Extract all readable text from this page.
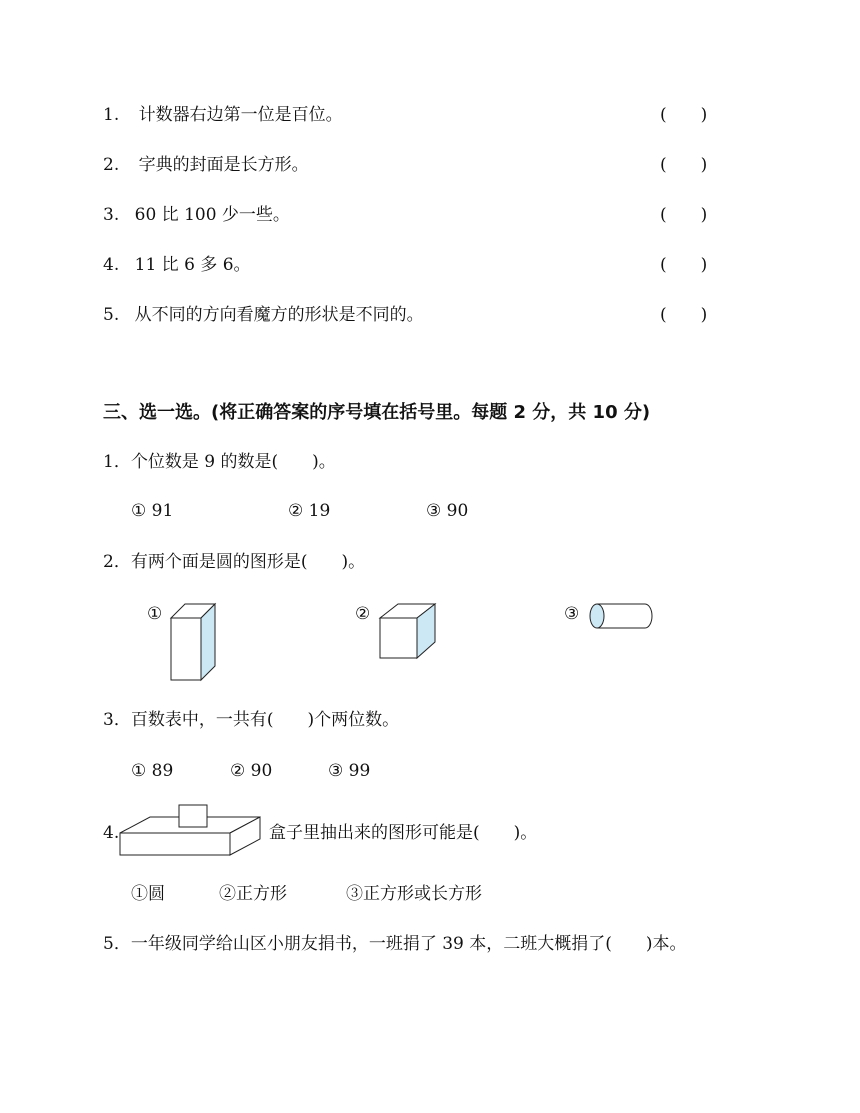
1. 计数器右边第一位是百位。	(　　)
2. 字典的封面是长方形。	(　　)
3. 60 比 100 少一些。	(　　)
4. 11 比 6 多 6。	(　　)
5. 从不同的方向看魔方的形状是不同的。	(　　)
三、选一选。(将正确答案的序号填在括号里。每题 2 分，共 10 分)
1．个位数是 9 的数是(　　)。
① 91	② 19	③ 90
2．有两个面是圆的图形是(　　)。
①	②	③
3．百数表中，一共有(　　)个两位数。
① 89	② 90	③ 99
4.	盒子里抽出来的图形可能是(　　)。
①圆	②正方形	③正方形或长方形
5．一年级同学给山区小朋友捐书，一班捐了 39 本，二班大概捐了(　　)本。
